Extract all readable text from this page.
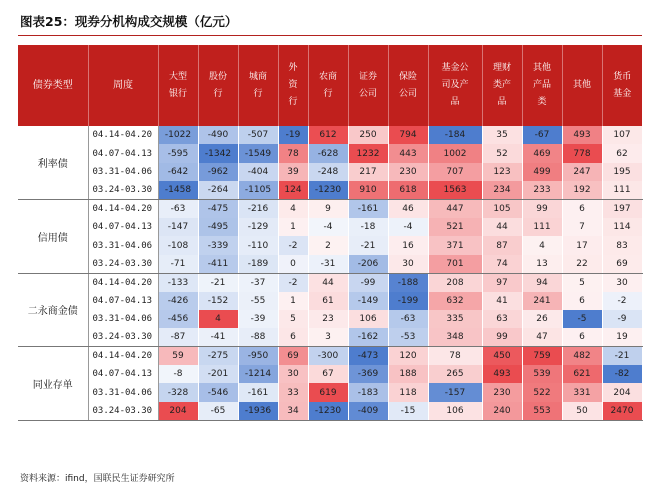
图表25：现券分机构成交规模（亿元）
债券类型	周度	大型银行	股份行	城商行	外资行	农商行	证券公司	保险公司	基金公司及产品	理财类产品	其他产品类	其他	货币基金
利率债	04.14-04.20	-1022	-490	-507	-19	612	250	794	-184	35	-67	493	107
	04.07-04.13	-595	-1342	-1549	78	-628	1232	443	1002	52	469	778	62
	03.31-04.06	-642	-962	-404	39	-248	217	230	707	123	499	247	195
	03.24-03.30	-1458	-264	-1105	124	-1230	910	618	1563	234	233	192	111
信用债	04.14-04.20	-63	-475	-216	4	9	-161	46	447	105	99	6	197
	04.07-04.13	-147	-495	-129	1	-4	-18	-4	521	44	111	7	114
	03.31-04.06	-108	-339	-110	-2	2	-21	16	371	87	4	17	83
	03.24-03.30	-71	-411	-189	0	-31	-206	30	701	74	13	22	69
二永商金债	04.14-04.20	-133	-21	-37	-2	44	-99	-188	208	97	94	5	30
	04.07-04.13	-426	-152	-55	1	61	-149	-199	632	41	241	6	-2
	03.31-04.06	-456	4	-39	5	23	106	-63	335	63	26	-5	-9
	03.24-03.30	-87	-41	-88	6	3	-162	-53	348	99	47	6	19
同业存单	04.14-04.20	59	-275	-950	69	-300	-473	120	78	450	759	482	-21
	04.07-04.13	-8	-201	-1214	30	67	-369	188	265	493	539	621	-82
	03.31-04.06	-328	-546	-161	33	619	-183	118	-157	230	522	331	204
	03.24-03.30	204	-65	-1936	34	-1230	-409	-15	106	240	553	50	2470
资料来源：ifind，国联民生证券研究所
